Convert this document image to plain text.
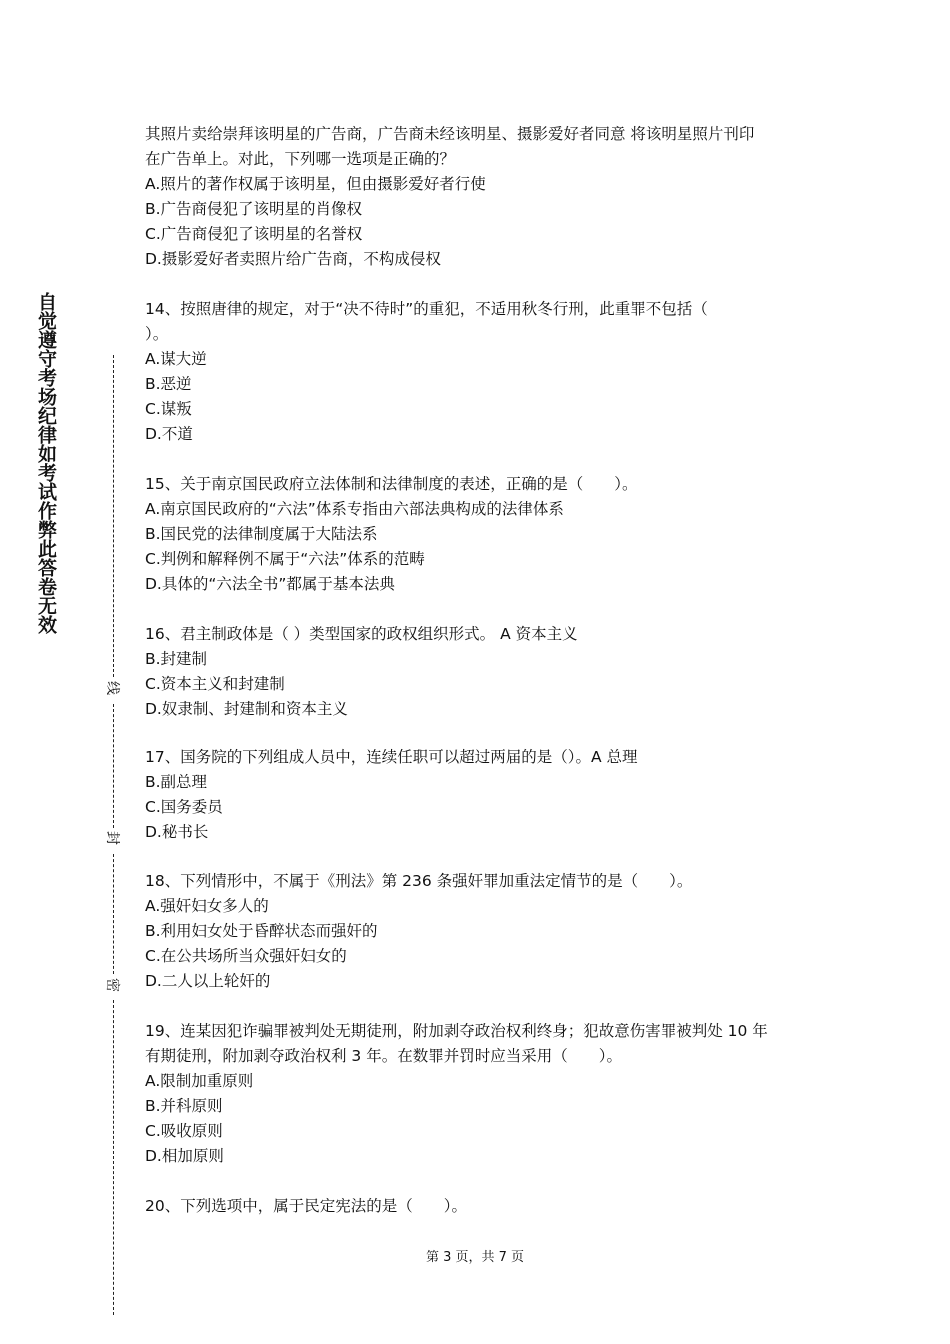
自觉遵守考场纪律如考试作弊此答卷无效
线
封
密
其照片卖给崇拜该明星的广告商，广告商未经该明星、摄影爱好者同意 将该明星照片刊印
在广告单上。对此，下列哪一选项是正确的？
A.照片的著作权属于该明星，但由摄影爱好者行使
B.广告商侵犯了该明星的肖像权
C.广告商侵犯了该明星的名誉权
D.摄影爱好者卖照片给广告商，不构成侵权
14、按照唐律的规定，对于“决不待时”的重犯，不适用秋冬行刑，此重罪不包括（
）。
A.谋大逆
B.恶逆
C.谋叛
D.不道
15、关于南京国民政府立法体制和法律制度的表述，正确的是（　　）。
A.南京国民政府的“六法”体系专指由六部法典构成的法律体系
B.国民党的法律制度属于大陆法系
C.判例和解释例不属于“六法”体系的范畴
D.具体的“六法全书”都属于基本法典
16、君主制政体是（ ）类型国家的政权组织形式。 A 资本主义
B.封建制
C.资本主义和封建制
D.奴隶制、封建制和资本主义
17、国务院的下列组成人员中，连续任职可以超过两届的是（）。A 总理
B.副总理
C.国务委员
D.秘书长
18、下列情形中，不属于《刑法》第 236 条强奸罪加重法定情节的是（　　）。
A.强奸妇女多人的
B.利用妇女处于昏醉状态而强奸的
C.在公共场所当众强奸妇女的
D.二人以上轮奸的
19、连某因犯诈骗罪被判处无期徒刑，附加剥夺政治权利终身；犯故意伤害罪被判处 10 年
有期徒刑，附加剥夺政治权利 3 年。在数罪并罚时应当采用（　　）。
A.限制加重原则
B.并科原则
C.吸收原则
D.相加原则
20、下列选项中，属于民定宪法的是（　　）。
第 3 页，共 7 页
